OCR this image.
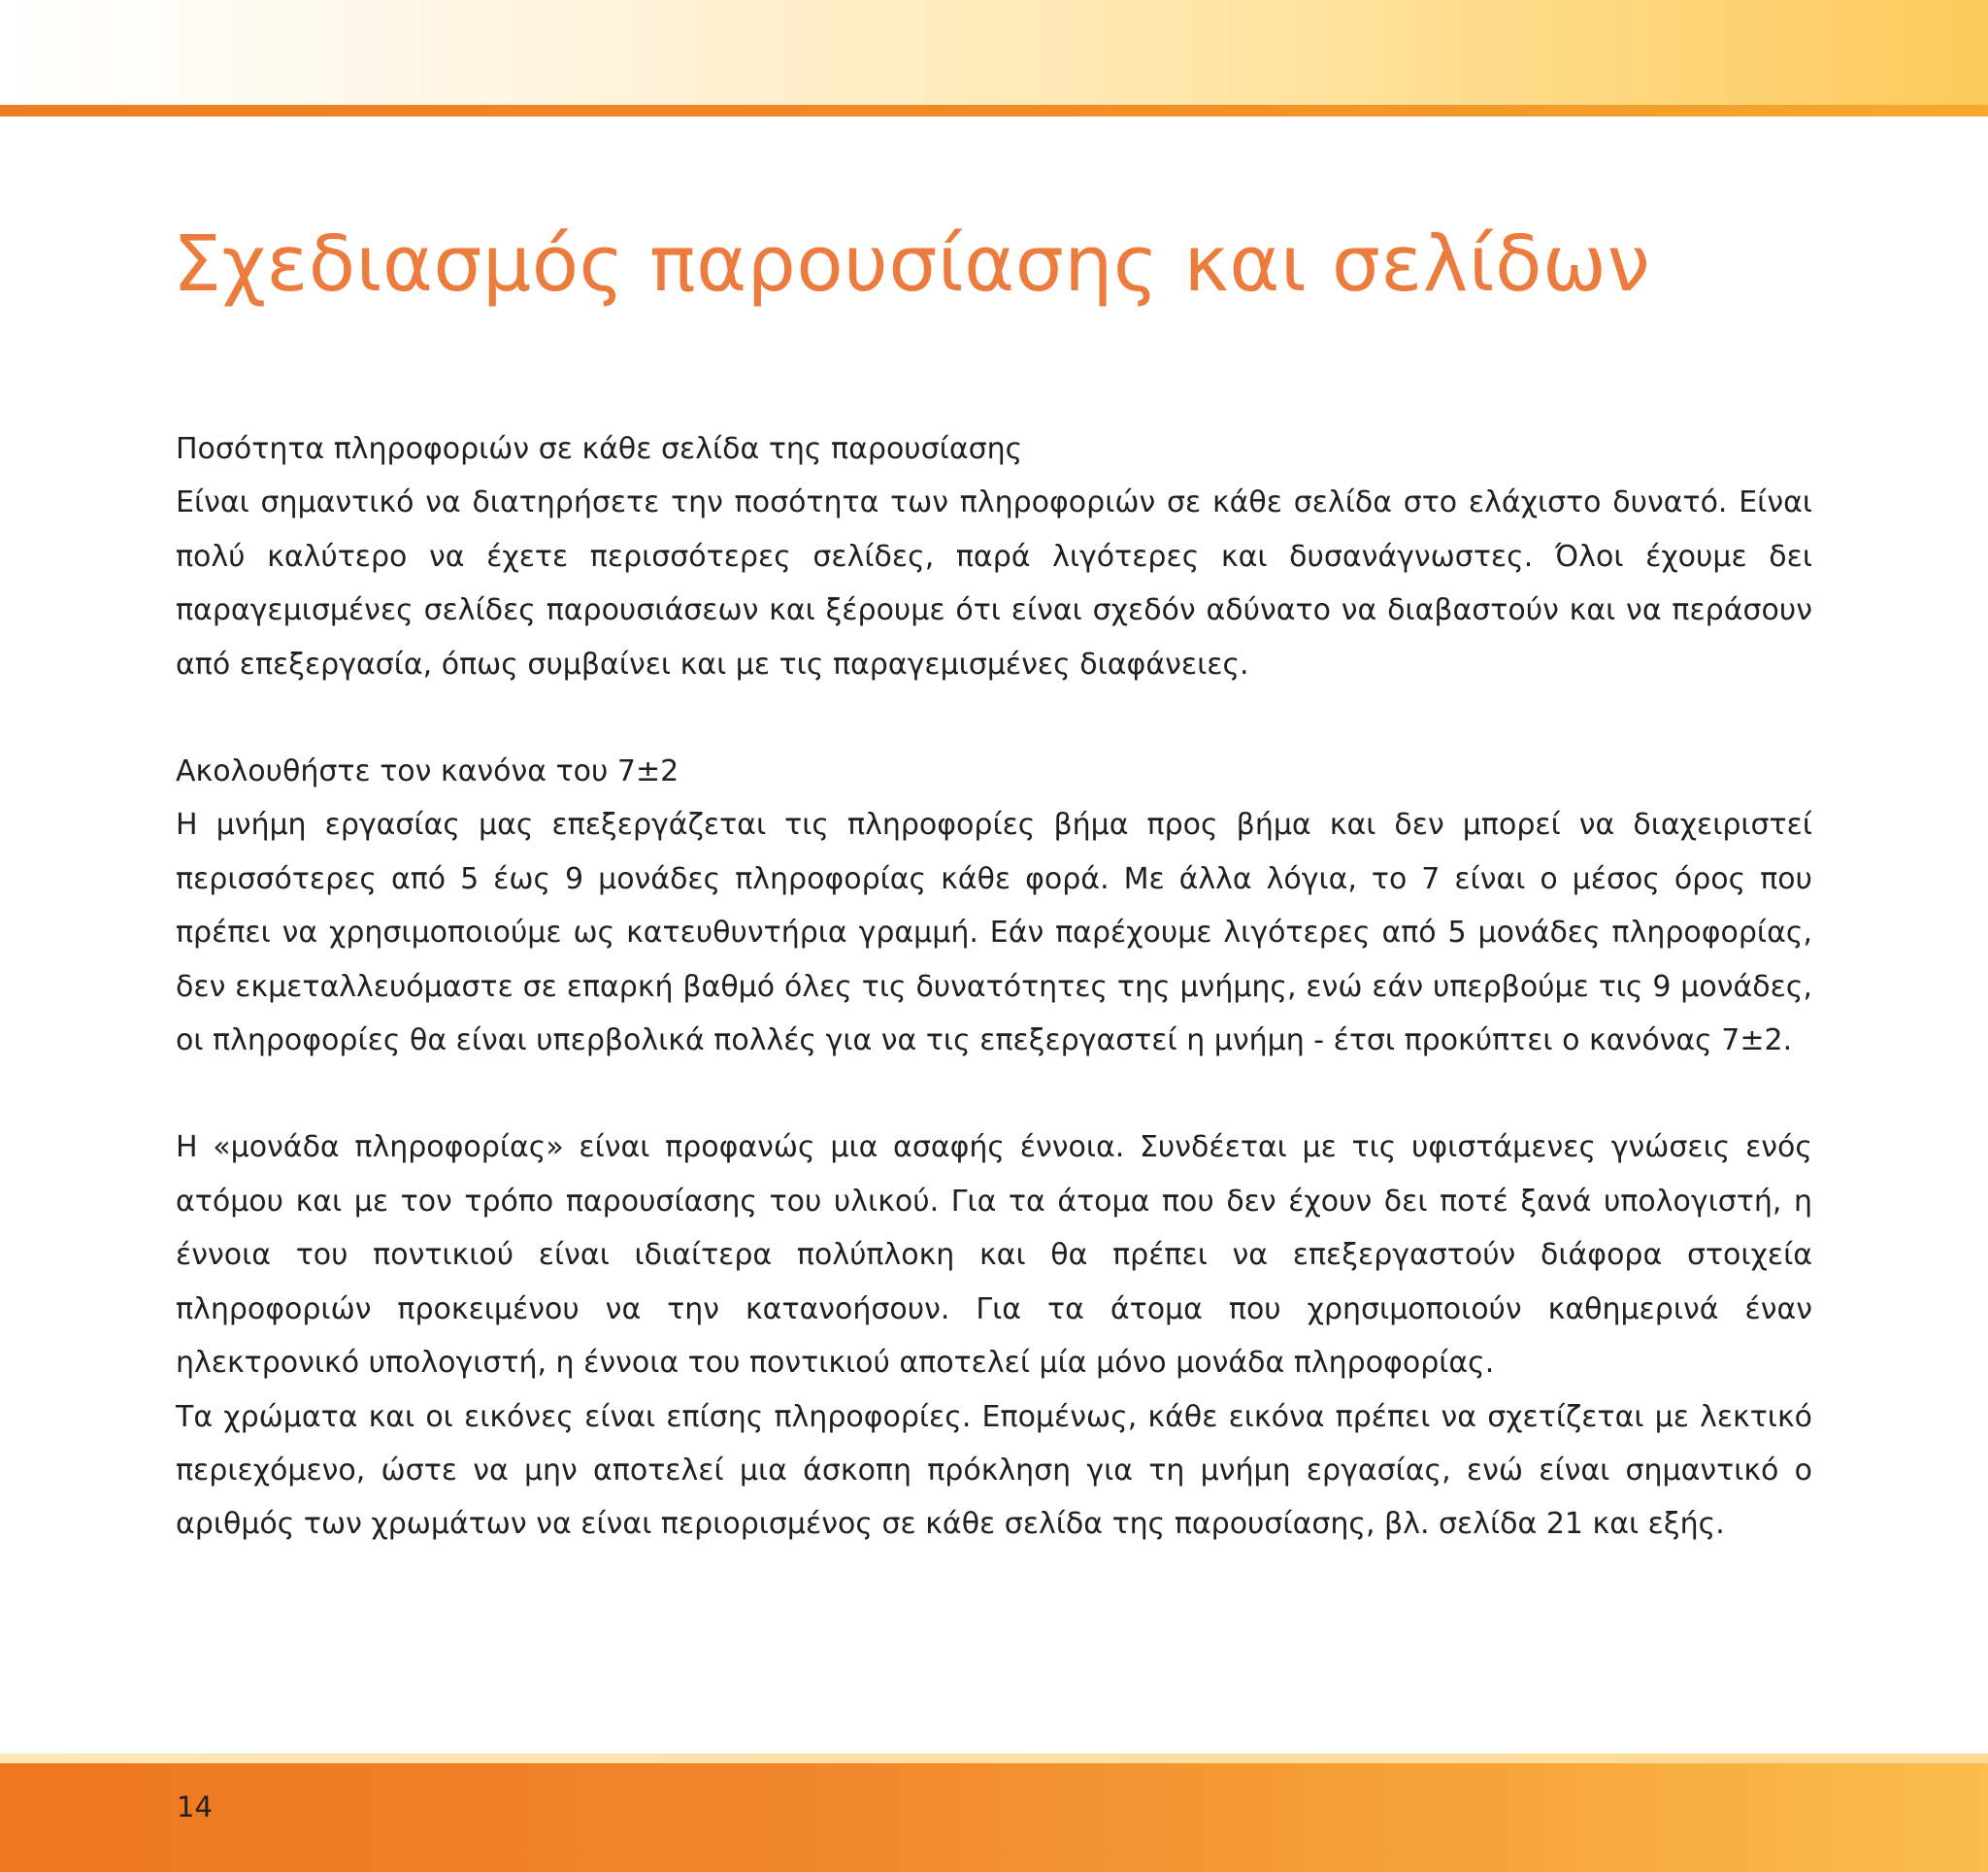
Σχεδιασμός παρουσίασης και σελίδων

Ποσότητα πληροφοριών σε κάθε σελίδα της παρουσίασης

Είναι σημαντικό να διατηρήσετε την ποσότητα των πληροφοριών σε κάθε σελίδα στο ελάχιστο δυνατό. Είναι πολύ καλύτερο να έχετε περισσότερες σελίδες, παρά λιγότερες και δυσανάγνωστες. Όλοι έχουμε δει παραγεμισμένες σελίδες παρουσιάσεων και ξέρουμε ότι είναι σχεδόν αδύνατο να διαβαστούν και να περάσουν από επεξεργασία, όπως συμβαίνει και με τις παραγεμισμένες διαφάνειες.

Ακολουθήστε τον κανόνα του 7±2

Η μνήμη εργασίας μας επεξεργάζεται τις πληροφορίες βήμα προς βήμα και δεν μπορεί να διαχειριστεί περισσότερες από 5 έως 9 μονάδες πληροφορίας κάθε φορά. Με άλλα λόγια, το 7 είναι ο μέσος όρος που πρέπει να χρησιμοποιούμε ως κατευθυντήρια γραμμή. Εάν παρέχουμε λιγότερες από 5 μονάδες πληροφορίας, δεν εκμεταλλευόμαστε σε επαρκή βαθμό όλες τις δυνατότητες της μνήμης, ενώ εάν υπερβούμε τις 9 μονάδες, οι πληροφορίες θα είναι υπερβολικά πολλές για να τις επεξεργαστεί η μνήμη - έτσι προκύπτει ο κανόνας 7±2.

Η «μονάδα πληροφορίας» είναι προφανώς μια ασαφής έννοια. Συνδέεται με τις υφιστάμενες γνώσεις ενός ατόμου και με τον τρόπο παρουσίασης του υλικού. Για τα άτομα που δεν έχουν δει ποτέ ξανά υπολογιστή, η έννοια του ποντικιού είναι ιδιαίτερα πολύπλοκη και θα πρέπει να επεξεργαστούν διάφορα στοιχεία πληροφοριών προκειμένου να την κατανοήσουν. Για τα άτομα που χρησιμοποιούν καθημερινά έναν ηλεκτρονικό υπολογιστή, η έννοια του ποντικιού αποτελεί μία μόνο μονάδα πληροφορίας.

Τα χρώματα και οι εικόνες είναι επίσης πληροφορίες. Επομένως, κάθε εικόνα πρέπει να σχετίζεται με λεκτικό περιεχόμενο, ώστε να μην αποτελεί μια άσκοπη πρόκληση για τη μνήμη εργασίας, ενώ είναι σημαντικό ο αριθμός των χρωμάτων να είναι περιορισμένος σε κάθε σελίδα της παρουσίασης, βλ. σελίδα 21 και εξής.

14
